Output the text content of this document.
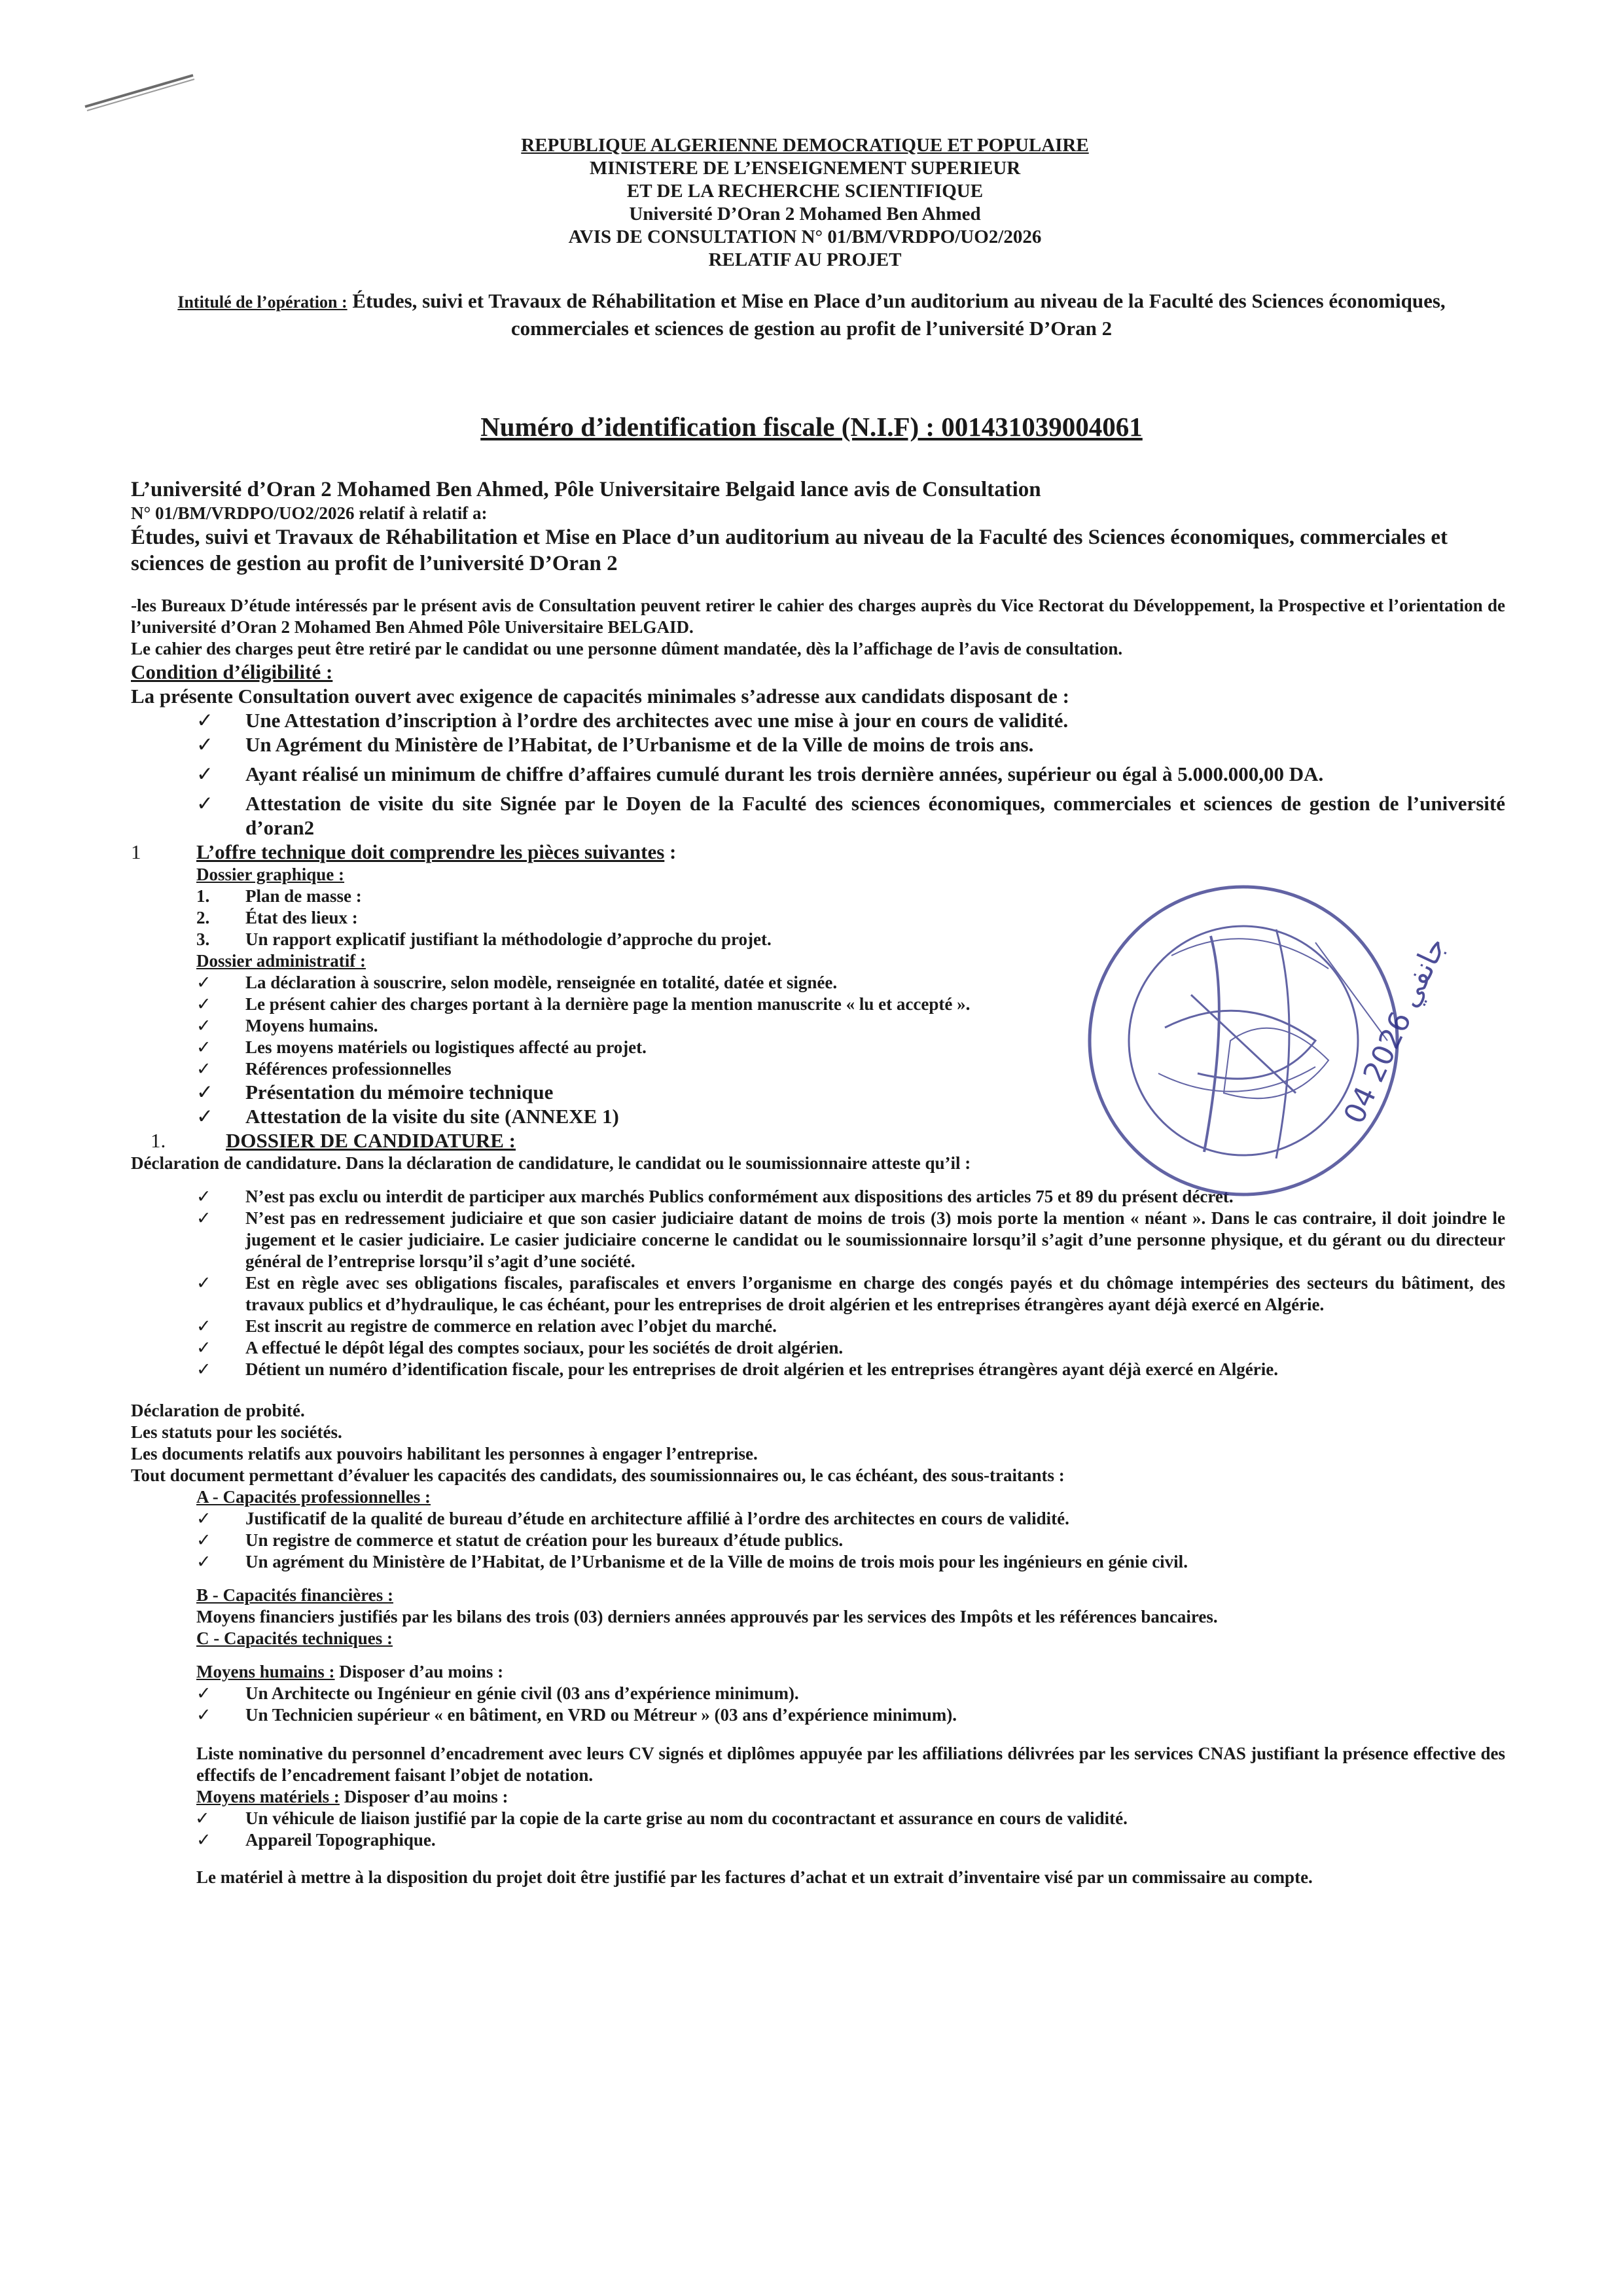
REPUBLIQUE ALGERIENNE DEMOCRATIQUE ET POPULAIRE
MINISTERE DE L’ENSEIGNEMENT SUPERIEUR
ET DE LA RECHERCHE SCIENTIFIQUE
Université D’Oran 2 Mohamed Ben Ahmed
AVIS DE CONSULTATION N° 01/BM/VRDPO/UO2/2026
RELATIF AU PROJET
Intitulé de l’opération : Études, suivi et Travaux de Réhabilitation et Mise en Place d’un auditorium au niveau de la Faculté des Sciences économiques, commerciales et sciences de gestion au profit de l’université D’Oran 2
Numéro d’identification fiscale (N.I.F) : 001431039004061

L’université d’Oran 2 Mohamed Ben Ahmed, Pôle Universitaire Belgaid lance avis de Consultation

N° 01/BM/VRDPO/UO2/2026 relatif à relatif a:

Études, suivi et Travaux de Réhabilitation et Mise en Place d’un auditorium au niveau de la Faculté des Sciences économiques, commerciales et sciences de gestion au profit de l’université D’Oran 2

-les Bureaux D’étude intéressés par le présent avis de Consultation peuvent retirer le cahier des charges auprès du Vice Rectorat du Développement, la Prospective et l’orientation de l’université d’Oran 2 Mohamed Ben Ahmed Pôle Universitaire BELGAID.

Le cahier des charges peut être retiré par le candidat ou une personne dûment mandatée, dès la l’affichage de l’avis de consultation.

Condition d’éligibilité :

La présente Consultation ouvert avec exigence de capacités minimales s’adresse aux candidats disposant de :

✓ Une Attestation d’inscription à l’ordre des architectes avec une mise à jour en cours de validité.
✓ Un Agrément du Ministère de l’Habitat, de l’Urbanisme et de la Ville de moins de trois ans.
✓ Ayant réalisé un minimum de chiffre d’affaires cumulé durant les trois dernière années, supérieur ou égal à 5.000.000,00 DA.
✓ Attestation de visite du site Signée par le Doyen de la Faculté des sciences économiques, commerciales et sciences de gestion de l’université d’oran2

1	L’offre technique doit comprendre les pièces suivantes :

Dossier graphique :
1. Plan de masse :
2. État des lieux :
3. Un rapport explicatif justifiant la méthodologie d’approche du projet.
Dossier administratif :
✓ La déclaration à souscrire, selon modèle, renseignée en totalité, datée et signée.
✓ Le présent cahier des charges portant à la dernière page la mention manuscrite « lu et accepté ».
✓ Moyens humains.
✓ Les moyens matériels ou logistiques affecté au projet.
✓ Références professionnelles
✓ Présentation du mémoire technique
✓ Attestation de la visite du site (ANNEXE 1)

1.	DOSSIER DE CANDIDATURE :

Déclaration de candidature. Dans la déclaration de candidature, le candidat ou le soumissionnaire atteste qu’il :

✓ N’est pas exclu ou interdit de participer aux marchés Publics conformément aux dispositions des articles 75 et 89 du présent décret.
✓ N’est pas en redressement judiciaire et que son casier judiciaire datant de moins de trois (3) mois porte la mention « néant ». Dans le cas contraire, il doit joindre le jugement et le casier judiciaire. Le casier judiciaire concerne le candidat ou le soumissionnaire lorsqu’il s’agit d’une personne physique, et du gérant ou du directeur général de l’entreprise lorsqu’il s’agit d’une société.
✓ Est en règle avec ses obligations fiscales, parafiscales et envers l’organisme en charge des congés payés et du chômage intempéries des secteurs du bâtiment, des travaux publics et d’hydraulique, le cas échéant, pour les entreprises de droit algérien et les entreprises étrangères ayant déjà exercé en Algérie.
✓ Est inscrit au registre de commerce en relation avec l’objet du marché.
✓ A effectué le dépôt légal des comptes sociaux, pour les sociétés de droit algérien.
✓ Détient un numéro d’identification fiscale, pour les entreprises de droit algérien et les entreprises étrangères ayant déjà exercé en Algérie.

Déclaration de probité.

Les statuts pour les sociétés.

Les documents relatifs aux pouvoirs habilitant les personnes à engager l’entreprise.

Tout document permettant d’évaluer les capacités des candidats, des soumissionnaires ou, le cas échéant, des sous-traitants :

A - Capacités professionnelles :
✓ Justificatif de la qualité de bureau d’étude en architecture affilié à l’ordre des architectes en cours de validité.
✓ Un registre de commerce et statut de création pour les bureaux d’étude publics.
✓ Un agrément du Ministère de l’Habitat, de l’Urbanisme et de la Ville de moins de trois mois pour les ingénieurs en génie civil.
B - Capacités financières :
Moyens financiers justifiés par les bilans des trois (03) derniers années approuvés par les services des Impôts et les références bancaires.
C - Capacités techniques :
Moyens humains : Disposer d’au moins :
✓ Un Architecte ou Ingénieur en génie civil (03 ans d’expérience minimum).
✓ Un Technicien supérieur « en bâtiment, en VRD ou Métreur » (03 ans d’expérience minimum).
Liste nominative du personnel d’encadrement avec leurs CV signés et diplômes appuyée par les affiliations délivrées par les services CNAS justifiant la présence effective des effectifs de l’encadrement faisant l’objet de notation.
Moyens matériels : Disposer d’au moins :
✓ Un véhicule de liaison justifié par la copie de la carte grise au nom du cocontractant et assurance en cours de validité.
✓ Appareil Topographique.
Le matériel à mettre à la disposition du projet doit être justifié par les factures d’achat et un extrait d’inventaire visé par un commissaire au compte.
04 جانفي 2026
